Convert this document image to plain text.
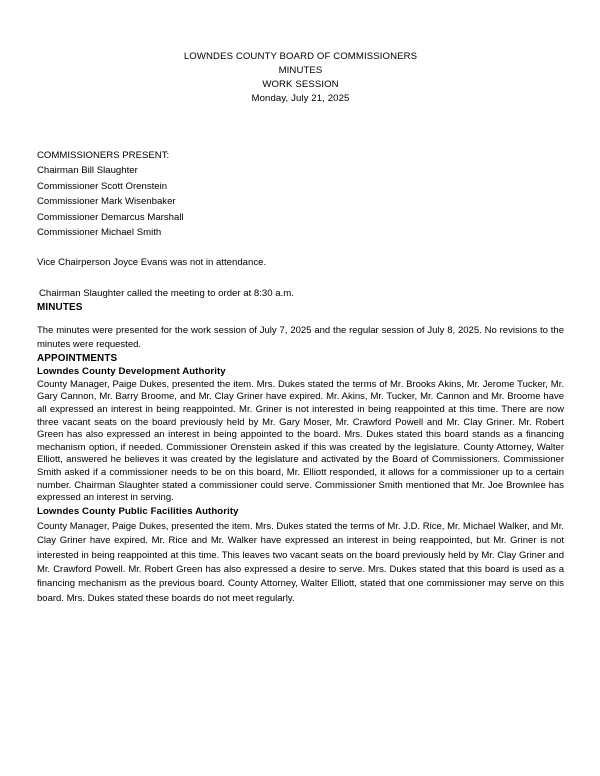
LOWNDES COUNTY BOARD OF COMMISSIONERS
MINUTES
WORK SESSION
Monday, July 21, 2025
COMMISSIONERS PRESENT:
Chairman Bill Slaughter
Commissioner Scott Orenstein
Commissioner Mark Wisenbaker
Commissioner Demarcus Marshall
Commissioner Michael Smith
Vice Chairperson Joyce Evans was not in attendance.
Chairman Slaughter called the meeting to order at 8:30 a.m.
MINUTES

The minutes were presented for the work session of July 7, 2025 and the regular session of July 8, 2025. No revisions to the minutes were requested.

APPOINTMENTS
Lowndes County Development Authority

County Manager, Paige Dukes, presented the item. Mrs. Dukes stated the terms of Mr. Brooks Akins, Mr. Jerome Tucker, Mr. Gary Cannon, Mr. Barry Broome, and Mr. Clay Griner have expired. Mr. Akins, Mr. Tucker, Mr. Cannon and Mr. Broome have all expressed an interest in being reappointed. Mr. Griner is not interested in being reappointed at this time. There are now three vacant seats on the board previously held by Mr. Gary Moser, Mr. Crawford Powell and Mr. Clay Griner. Mr. Robert Green has also expressed an interest in being appointed to the board. Mrs. Dukes stated this board stands as a financing mechanism option, if needed. Commissioner Orenstein asked if this was created by the legislature. County Attorney, Walter Elliott, answered he believes it was created by the legislature and activated by the Board of Commissioners. Commissioner Smith asked if a commissioner needs to be on this board, Mr. Elliott responded, it allows for a commissioner up to a certain number. Chairman Slaughter stated a commissioner could serve. Commissioner Smith mentioned that Mr. Joe Brownlee has expressed an interest in serving.

Lowndes County Public Facilities Authority

County Manager, Paige Dukes, presented the item. Mrs. Dukes stated the terms of Mr. J.D. Rice, Mr. Michael Walker, and Mr. Clay Griner have expired. Mr. Rice and Mr. Walker have expressed an interest in being reappointed, but Mr. Griner is not interested in being reappointed at this time. This leaves two vacant seats on the board previously held by Mr. Clay Griner and Mr. Crawford Powell. Mr. Robert Green has also expressed a desire to serve. Mrs. Dukes stated that this board is used as a financing mechanism as the previous board. County Attorney, Walter Elliott, stated that one commissioner may serve on this board. Mrs. Dukes stated these boards do not meet regularly.
